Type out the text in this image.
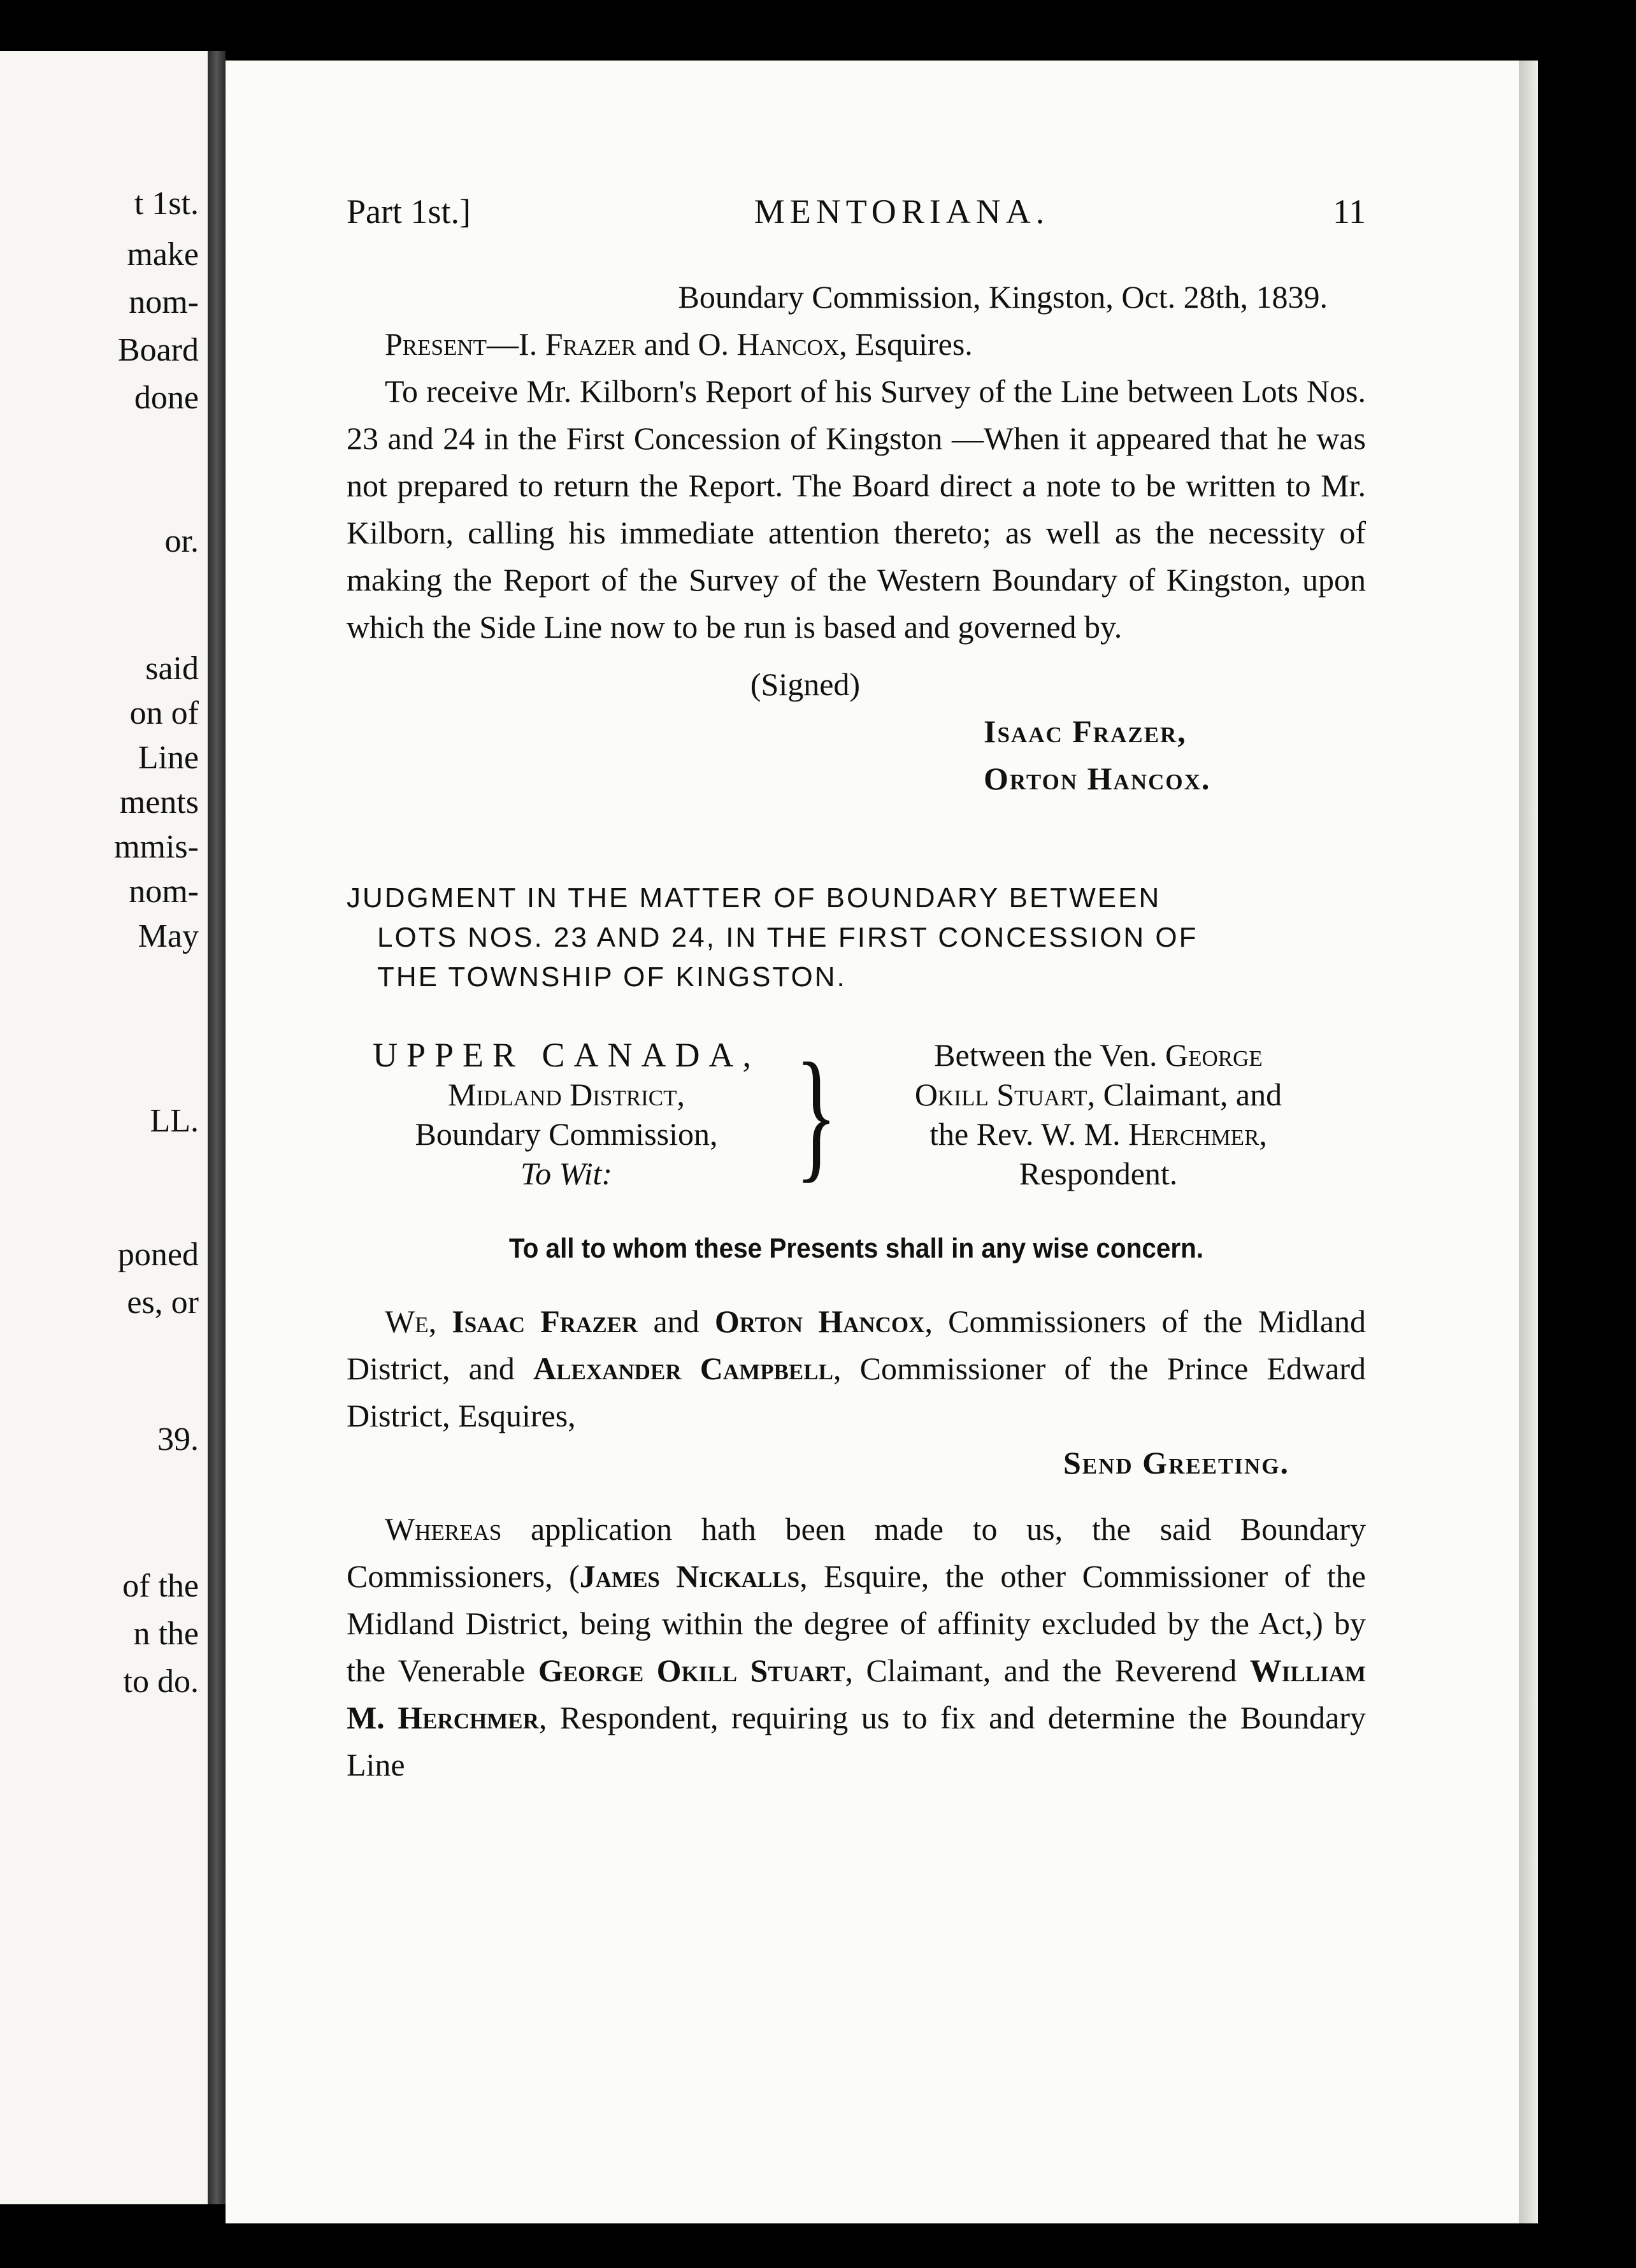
t 1st.
make
nom-
Board
done
or.
said
on of
Line
ments
mmis-
nom-
May
LL.
poned
es, or
39.
of the
n the
to do.
Part 1st.]	MENTORIANA.	11

Boundary Commission, Kingston, Oct. 28th, 1839.

Present—I. Frazer and O. Hancox, Esquires.

To receive Mr. Kilborn's Report of his Survey of the Line between Lots Nos. 23 and 24 in the First Concession of Kingston —When it appeared that he was not prepared to return the Report. The Board direct a note to be written to Mr. Kilborn, calling his immediate attention thereto; as well as the necessity of making the Report of the Survey of the Western Boundary of Kingston, upon which the Side Line now to be run is based and governed by.

(Signed)

Isaac Frazer,

Orton Hancox.

JUDGMENT IN THE MATTER OF BOUNDARY BETWEEN
LOTS NOS. 23 AND 24, IN THE FIRST CONCESSION OF
THE TOWNSHIP OF KINGSTON.
UPPER CANADA,
Midland District,
Boundary Commission,
To Wit:	}	Between the Ven. George
Okill Stuart, Claimant, and
the Rev. W. M. Herchmer,
Respondent.

To all to whom these Presents shall in any wise concern.

We, Isaac Frazer and Orton Hancox, Commissioners of the Midland District, and Alexander Campbell, Commissioner of the Prince Edward District, Esquires,

Send Greeting.

Whereas application hath been made to us, the said Boundary Commissioners, (James Nickalls, Esquire, the other Commissioner of the Midland District, being within the degree of affinity excluded by the Act,) by the Venerable George Okill Stuart, Claimant, and the Reverend William M. Herchmer, Respondent, requiring us to fix and determine the Boundary Line
